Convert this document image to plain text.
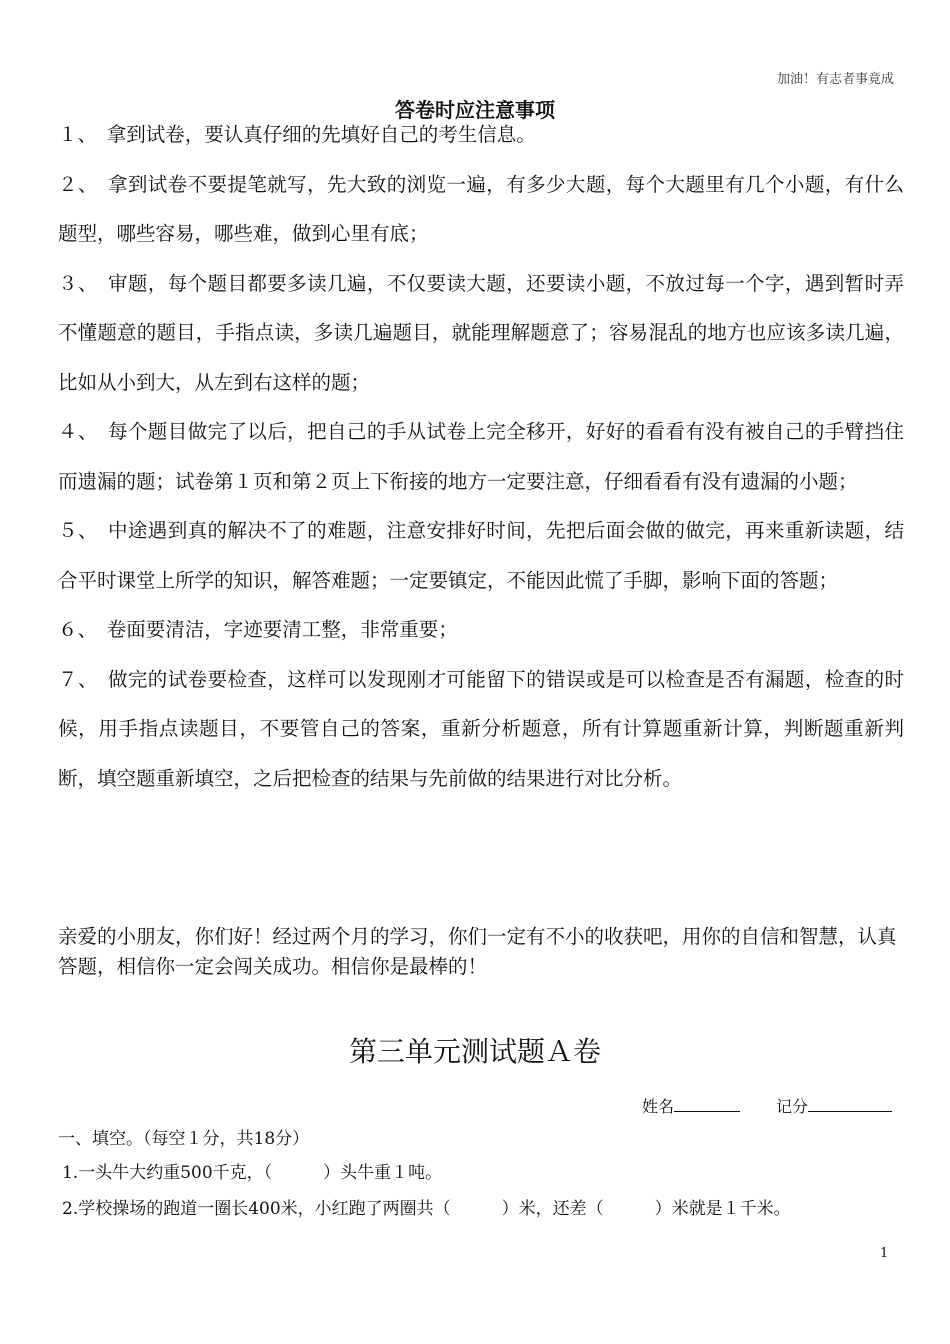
加油！有志者事竟成
答卷时应注意事项
１、　拿到试卷，要认真仔细的先填好自己的考生信息。
２、　拿到试卷不要提笔就写，先大致的浏览一遍，有多少大题，每个大题里有几个小题，有什么题型，哪些容易，哪些难，做到心里有底；
３、　审题，每个题目都要多读几遍，不仅要读大题，还要读小题，不放过每一个字，遇到暂时弄不懂题意的题目，手指点读，多读几遍题目，就能理解题意了；容易混乱的地方也应该多读几遍，比如从小到大，从左到右这样的题；
４、　每个题目做完了以后，把自己的手从试卷上完全移开，好好的看看有没有被自己的手臂挡住而遗漏的题；试卷第１页和第２页上下衔接的地方一定要注意，仔细看看有没有遗漏的小题；
５、　中途遇到真的解决不了的难题，注意安排好时间，先把后面会做的做完，再来重新读题，结合平时课堂上所学的知识，解答难题；一定要镇定，不能因此慌了手脚，影响下面的答题；
６、　卷面要清洁，字迹要清工整，非常重要；
７、　做完的试卷要检查，这样可以发现刚才可能留下的错误或是可以检查是否有漏题，检查的时候，用手指点读题目，不要管自己的答案，重新分析题意，所有计算题重新计算，判断题重新判断，填空题重新填空，之后把检查的结果与先前做的结果进行对比分析。
亲爱的小朋友，你们好！经过两个月的学习，你们一定有不小的收获吧，用你的自信和智慧，认真答题，相信你一定会闯关成功。相信你是最棒的！
第三单元测试题Ａ卷
姓名	记分
一、填空。（每空１分，共18分）
1.一头牛大约重500千克，（　　　）头牛重１吨。
2.学校操场的跑道一圈长400米，小红跑了两圈共（　　　）米，还差（　　　）米就是１千米。
1
